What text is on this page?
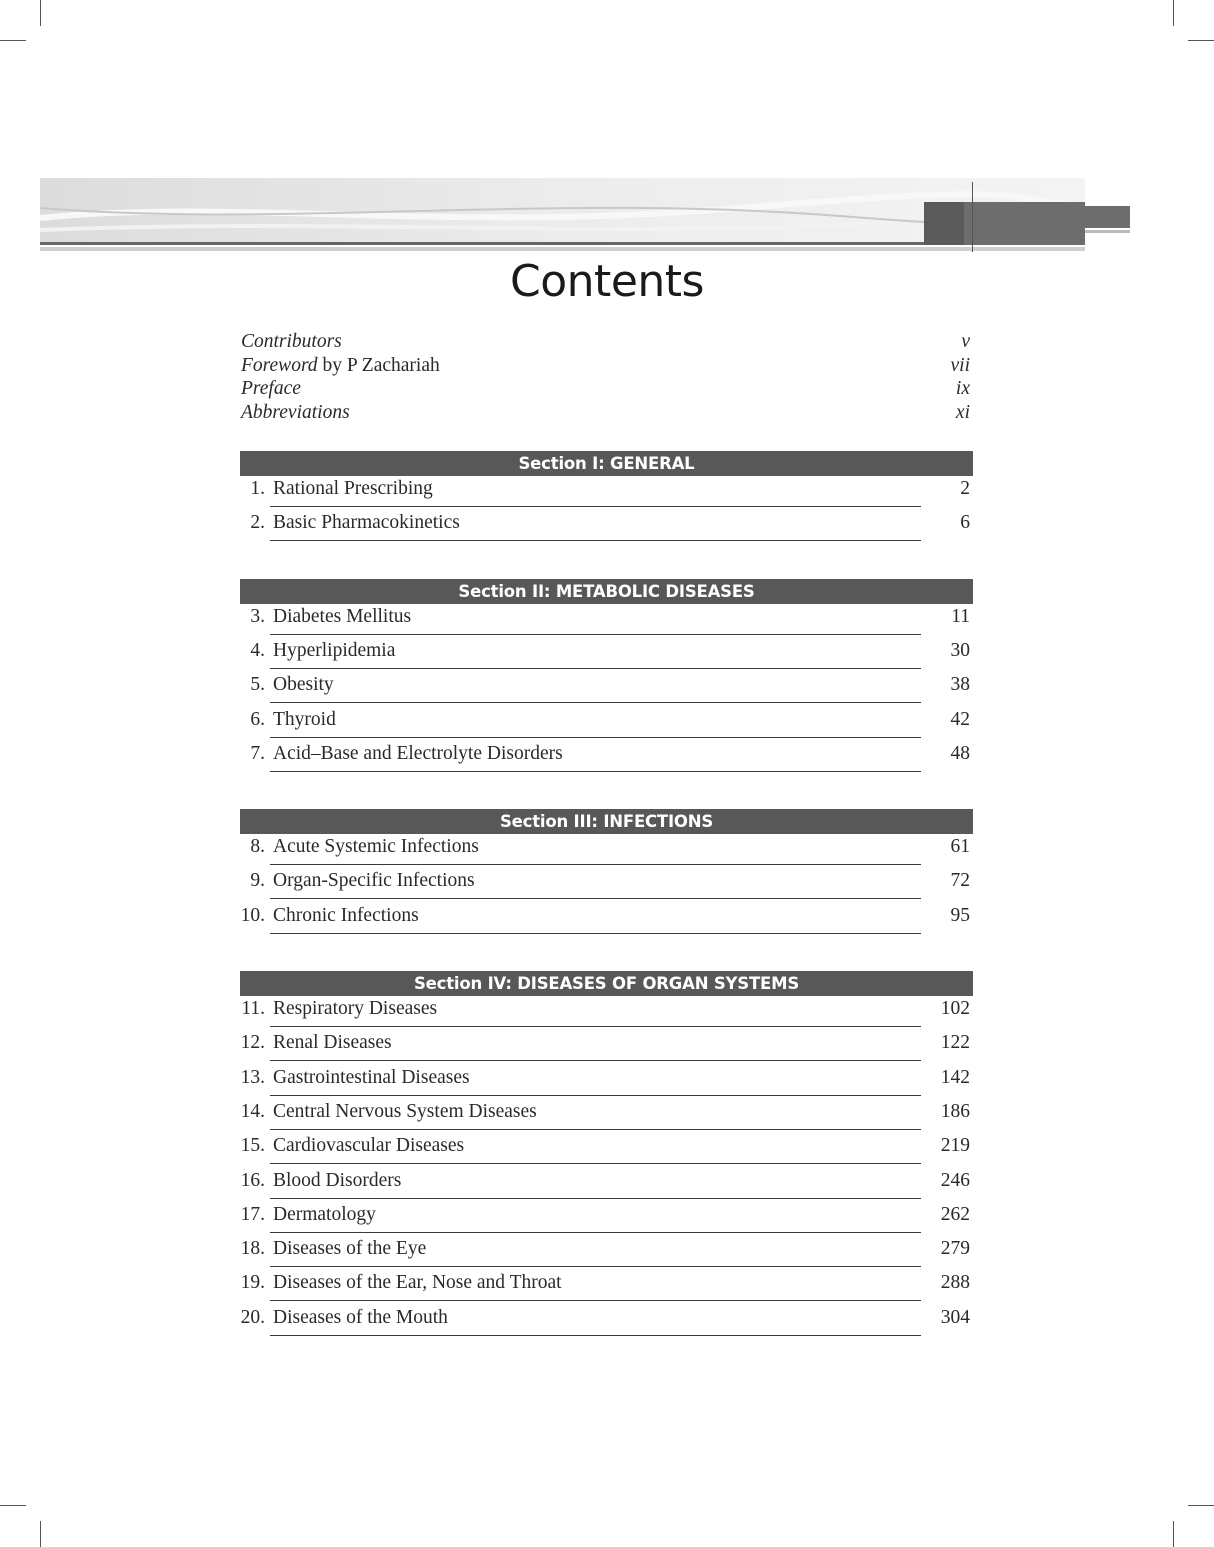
Contents
Contributors	v
Foreword by P Zachariah	vii
Preface	ix
Abbreviations	xi
Section I: GENERAL
1. Rational Prescribing	2
2. Basic Pharmacokinetics	6
Section II: METABOLIC DISEASES
3. Diabetes Mellitus	11
4. Hyperlipidemia	30
5. Obesity	38
6. Thyroid	42
7. Acid–Base and Electrolyte Disorders	48
Section III: INFECTIONS
8. Acute Systemic Infections	61
9. Organ-Specific Infections	72
10. Chronic Infections	95
Section IV: DISEASES OF ORGAN SYSTEMS
11. Respiratory Diseases	102
12. Renal Diseases	122
13. Gastrointestinal Diseases	142
14. Central Nervous System Diseases	186
15. Cardiovascular Diseases	219
16. Blood Disorders	246
17. Dermatology	262
18. Diseases of the Eye	279
19. Diseases of the Ear, Nose and Throat	288
20. Diseases of the Mouth	304
